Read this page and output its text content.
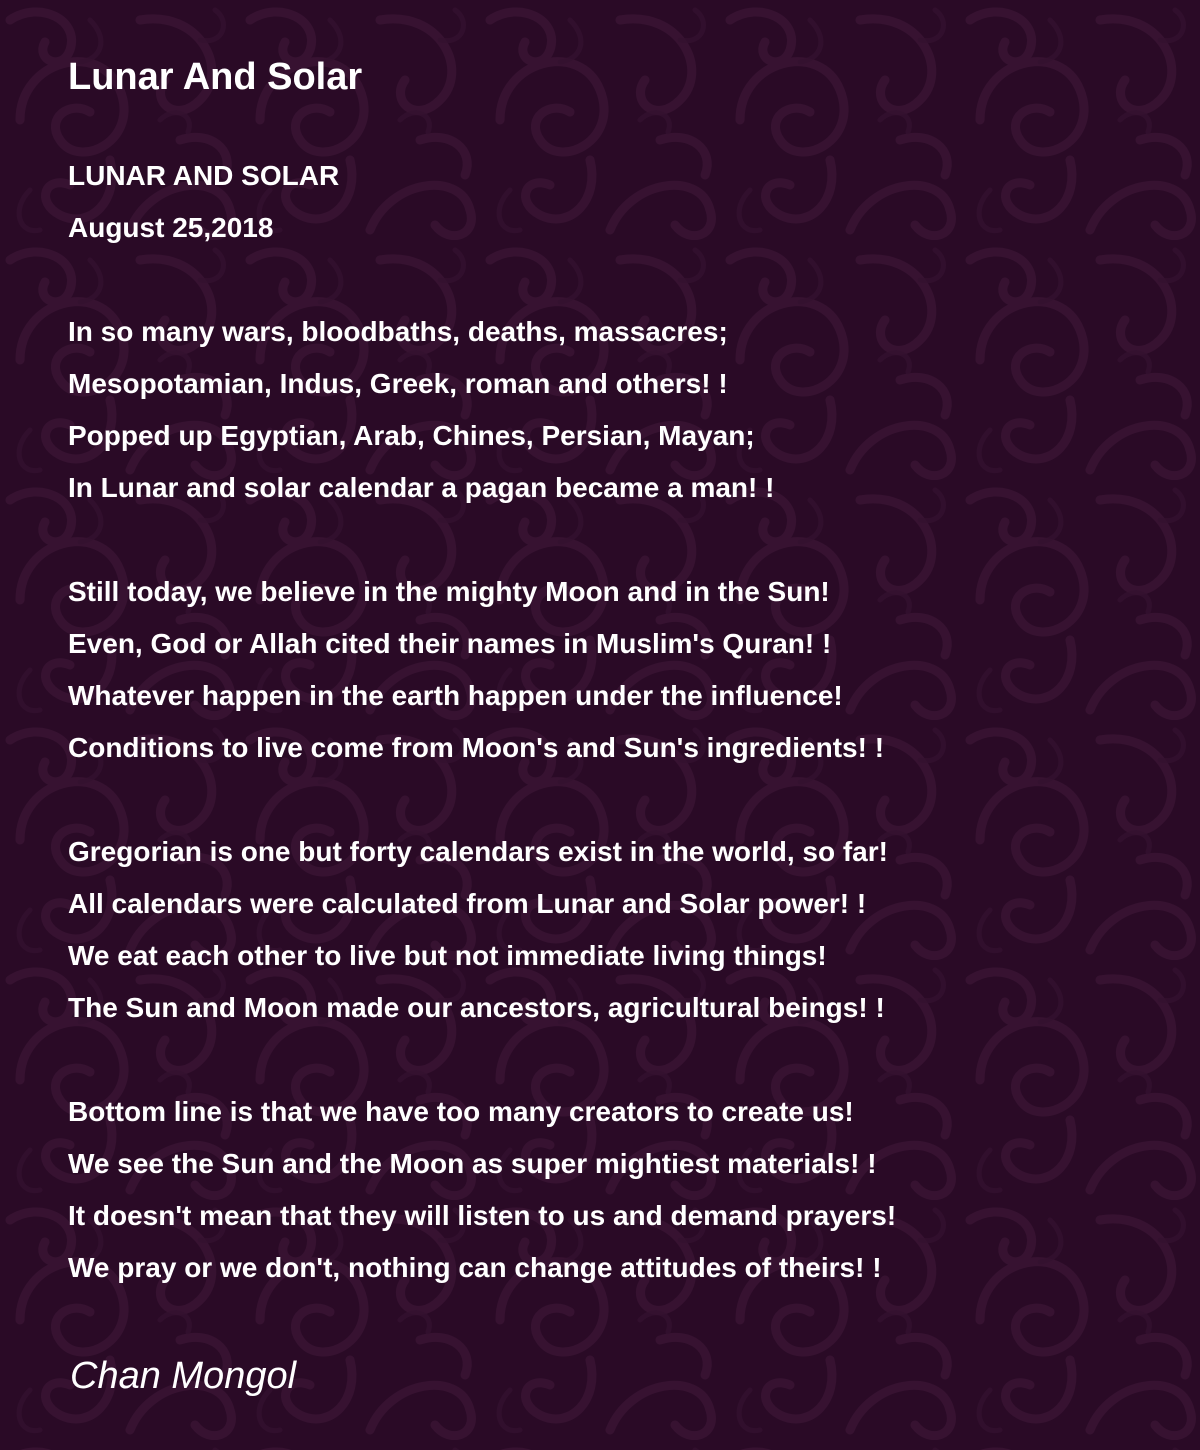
Lunar And Solar
LUNAR AND SOLAR
August 25,2018
In so many wars, bloodbaths, deaths, massacres;
Mesopotamian, Indus, Greek, roman and others! !
Popped up Egyptian, Arab, Chines, Persian, Mayan;
In Lunar and solar calendar a pagan became a man! !
Still today, we believe in the mighty Moon and in the Sun!
Even, God or Allah cited their names in Muslim's Quran! !
Whatever happen in the earth happen under the influence!
Conditions to live come from Moon's and Sun's ingredients! !
Gregorian is one but forty calendars exist in the world, so far!
All calendars were calculated from Lunar and Solar power! !
We eat each other to live but not immediate living things!
The Sun and Moon made our ancestors, agricultural beings! !
Bottom line is that we have too many creators to create us!
We see the Sun and the Moon as super mightiest materials! !
It doesn't mean that they will listen to us and demand prayers!
We pray or we don't, nothing can change attitudes of theirs! !
Chan Mongol
